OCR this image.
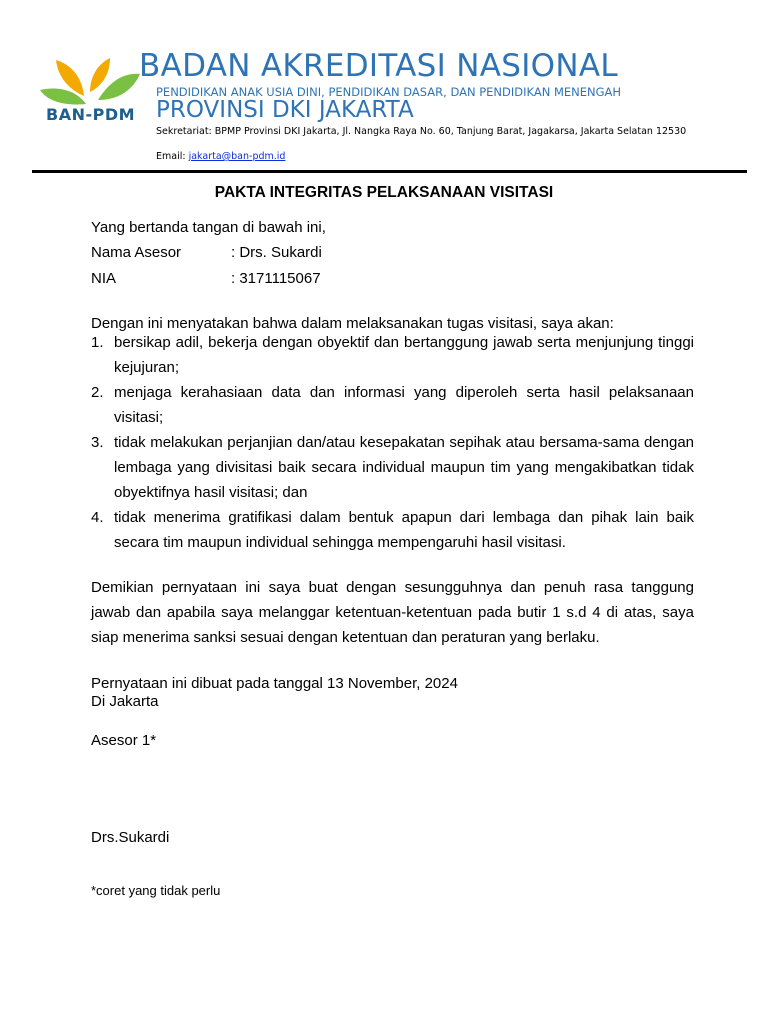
BAN-PDM
BADAN AKREDITASI NASIONAL
PENDIDIKAN ANAK USIA DINI, PENDIDIKAN DASAR, DAN PENDIDIKAN MENENGAH
PROVINSI DKI JAKARTA
Sekretariat: BPMP Provinsi DKI Jakarta, Jl. Nangka Raya No. 60, Tanjung Barat, Jagakarsa, Jakarta Selatan 12530
Email: jakarta@ban-pdm.id
PAKTA INTEGRITAS PELAKSANAAN VISITASI
Yang bertanda tangan di bawah ini,
Nama Asesor	: Drs. Sukardi
NIA	: 3171115067
Dengan ini menyatakan bahwa dalam melaksanakan tugas visitasi, saya akan:
1. bersikap adil, bekerja dengan obyektif dan bertanggung jawab serta menjunjung tinggi kejujuran;
2. menjaga kerahasiaan data dan informasi yang diperoleh serta hasil pelaksanaan visitasi;
3. tidak melakukan perjanjian dan/atau kesepakatan sepihak atau bersama-sama dengan lembaga yang divisitasi baik secara individual maupun tim yang mengakibatkan tidak obyektifnya hasil visitasi; dan
4. tidak menerima gratifikasi dalam bentuk apapun dari lembaga dan pihak lain baik secara tim maupun individual sehingga mempengaruhi hasil visitasi.
Demikian pernyataan ini saya buat dengan sesungguhnya dan penuh rasa tanggung jawab dan apabila saya melanggar ketentuan-ketentuan pada butir 1 s.d 4 di atas, saya siap menerima sanksi sesuai dengan ketentuan dan peraturan yang berlaku.
Pernyataan ini dibuat pada tanggal 13 November, 2024
Di Jakarta
Asesor 1*
Drs.Sukardi
*coret yang tidak perlu
